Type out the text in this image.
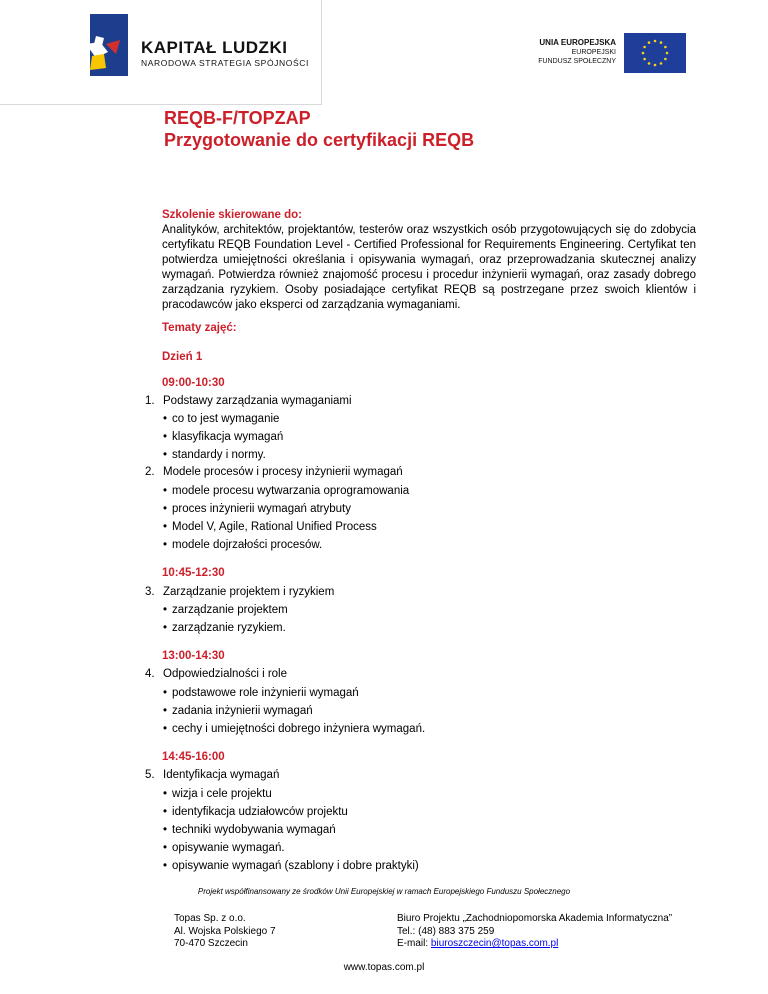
KAPITAŁ LUDZKI
NARODOWA STRATEGIA SPÓJNOŚCI
UNIA EUROPEJSKA
EUROPEJSKI
FUNDUSZ SPOŁECZNY
REQB-F/TOPZAP
Przygotowanie do certyfikacji REQB
Szkolenie skierowane do:
Analityków, architektów, projektantów, testerów oraz wszystkich osób przygotowujących się do zdobycia certyfikatu REQB Foundation Level - Certified Professional for Requirements Engineering. Certyfikat ten potwierdza umiejętności określania i opisywania wymagań, oraz przeprowadzania skutecznej analizy wymagań. Potwierdza również znajomość procesu i procedur inżynierii wymagań, oraz zasady dobrego zarządzania ryzykiem. Osoby posiadające certyfikat REQB są postrzegane przez swoich klientów i pracodawców jako eksperci od zarządzania wymaganiami.
Tematy zajęć:
Dzień 1
09:00-10:30
1. Podstawy zarządzania wymaganiami
• co to jest wymaganie
• klasyfikacja wymagań
• standardy i normy.
2. Modele procesów i procesy inżynierii wymagań
• modele procesu wytwarzania oprogramowania
• proces inżynierii wymagań atrybuty
• Model V, Agile, Rational Unified Process
• modele dojrzałości procesów.
10:45-12:30
3. Zarządzanie projektem i ryzykiem
• zarządzanie projektem
• zarządzanie ryzykiem.
13:00-14:30
4. Odpowiedzialności i role
• podstawowe role inżynierii wymagań
• zadania inżynierii wymagań
• cechy i umiejętności dobrego inżyniera wymagań.
14:45-16:00
5. Identyfikacja wymagań
• wizja i cele projektu
• identyfikacja udziałowców projektu
• techniki wydobywania wymagań
• opisywanie wymagań.
• opisywanie wymagań (szablony i dobre praktyki)
Projekt współfinansowany ze środków Unii Europejskiej w ramach Europejskiego Funduszu Społecznego
Topas Sp. z o.o.
Al. Wojska Polskiego 7
70-470 Szczecin
Biuro Projektu „Zachodniopomorska Akademia Informatyczna”
Tel.: (48) 883 375 259
E-mail: biuroszczecin@topas.com.pl
www.topas.com.pl
